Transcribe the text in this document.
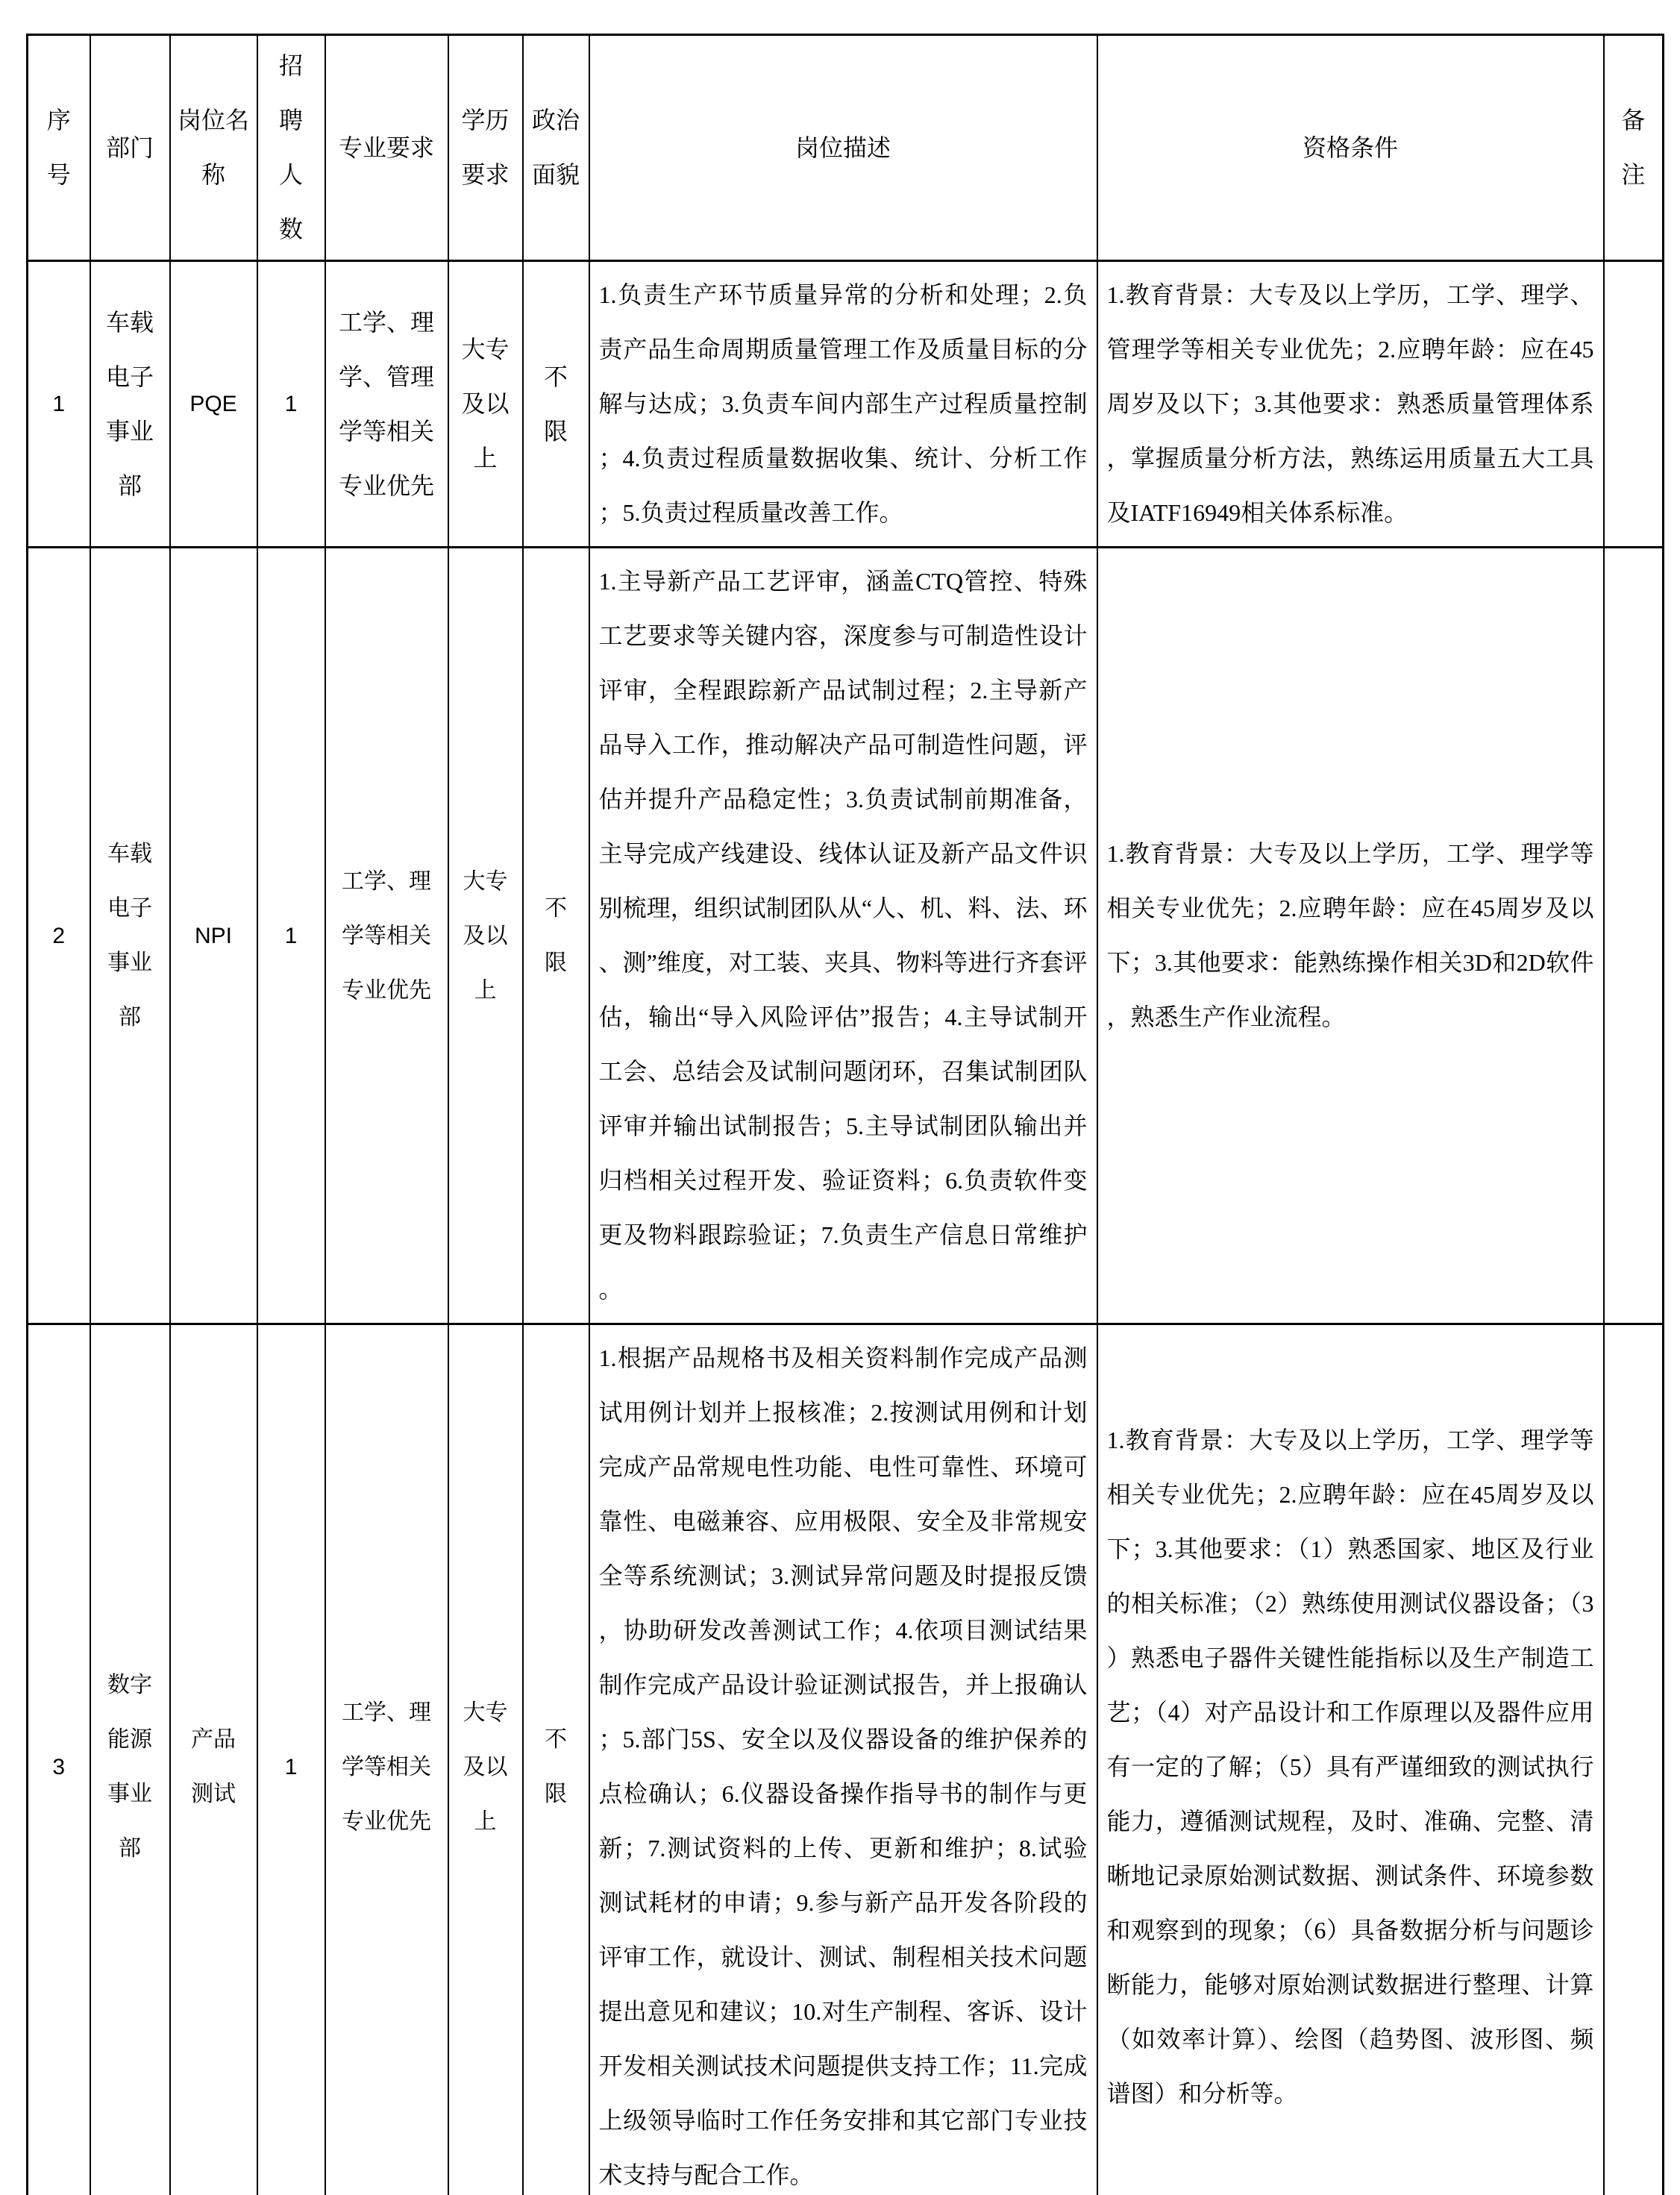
序号	部门	岗位名称	招聘人数	专业要求	学历要求	政治面貌	岗位描述	资格条件	备注
1	车载电子事业部	PQE	1	工学、理学、管理学等相关专业优先	大专及以上	不限	1.负责生产环节质量异常的分析和处理；2.负责产品生命周期质量管理工作及质量目标的分解与达成；3.负责车间内部生产过程质量控制；4.负责过程质量数据收集、统计、分析工作；5.负责过程质量改善工作。	1.教育背景：大专及以上学历，工学、理学、管理学等相关专业优先；2.应聘年龄：应在45周岁及以下；3.其他要求：熟悉质量管理体系，掌握质量分析方法，熟练运用质量五大工具及IATF16949相关体系标准。	
2	车载电子事业部	NPI	1	工学、理学等相关专业优先	大专及以上	不限	1.主导新产品工艺评审，涵盖CTQ管控、特殊工艺要求等关键内容，深度参与可制造性设计评审，全程跟踪新产品试制过程；2.主导新产品导入工作，推动解决产品可制造性问题，评估并提升产品稳定性；3.负责试制前期准备，主导完成产线建设、线体认证及新产品文件识别梳理，组织试制团队从“人、机、料、法、环、测”维度，对工装、夹具、物料等进行齐套评估，输出“导入风险评估”报告；4.主导试制开工会、总结会及试制问题闭环，召集试制团队评审并输出试制报告；5.主导试制团队输出并归档相关过程开发、验证资料；6.负责软件变更及物料跟踪验证；7.负责生产信息日常维护。	1.教育背景：大专及以上学历，工学、理学等相关专业优先；2.应聘年龄：应在45周岁及以下；3.其他要求：能熟练操作相关3D和2D软件，熟悉生产作业流程。	
3	数字能源事业部	产品测试	1	工学、理学等相关专业优先	大专及以上	不限	1.根据产品规格书及相关资料制作完成产品测试用例计划并上报核准；2.按测试用例和计划完成产品常规电性功能、电性可靠性、环境可靠性、电磁兼容、应用极限、安全及非常规安全等系统测试；3.测试异常问题及时提报反馈，协助研发改善测试工作；4.依项目测试结果制作完成产品设计验证测试报告，并上报确认；5.部门5S、安全以及仪器设备的维护保养的点检确认；6.仪器设备操作指导书的制作与更新；7.测试资料的上传、更新和维护；8.试验测试耗材的申请；9.参与新产品开发各阶段的评审工作，就设计、测试、制程相关技术问题提出意见和建议；10.对生产制程、客诉、设计开发相关测试技术问题提供支持工作；11.完成上级领导临时工作任务安排和其它部门专业技术支持与配合工作。	1.教育背景：大专及以上学历，工学、理学等相关专业优先；2.应聘年龄：应在45周岁及以下；3.其他要求：（1）熟悉国家、地区及行业的相关标准；（2）熟练使用测试仪器设备；（3）熟悉电子器件关键性能指标以及生产制造工艺；（4）对产品设计和工作原理以及器件应用有一定的了解；（5）具有严谨细致的测试执行能力，遵循测试规程，及时、准确、完整、清晰地记录原始测试数据、测试条件、环境参数和观察到的现象；（6）具备数据分析与问题诊断能力，能够对原始测试数据进行整理、计算（如效率计算）、绘图（趋势图、波形图、频谱图）和分析等。	
